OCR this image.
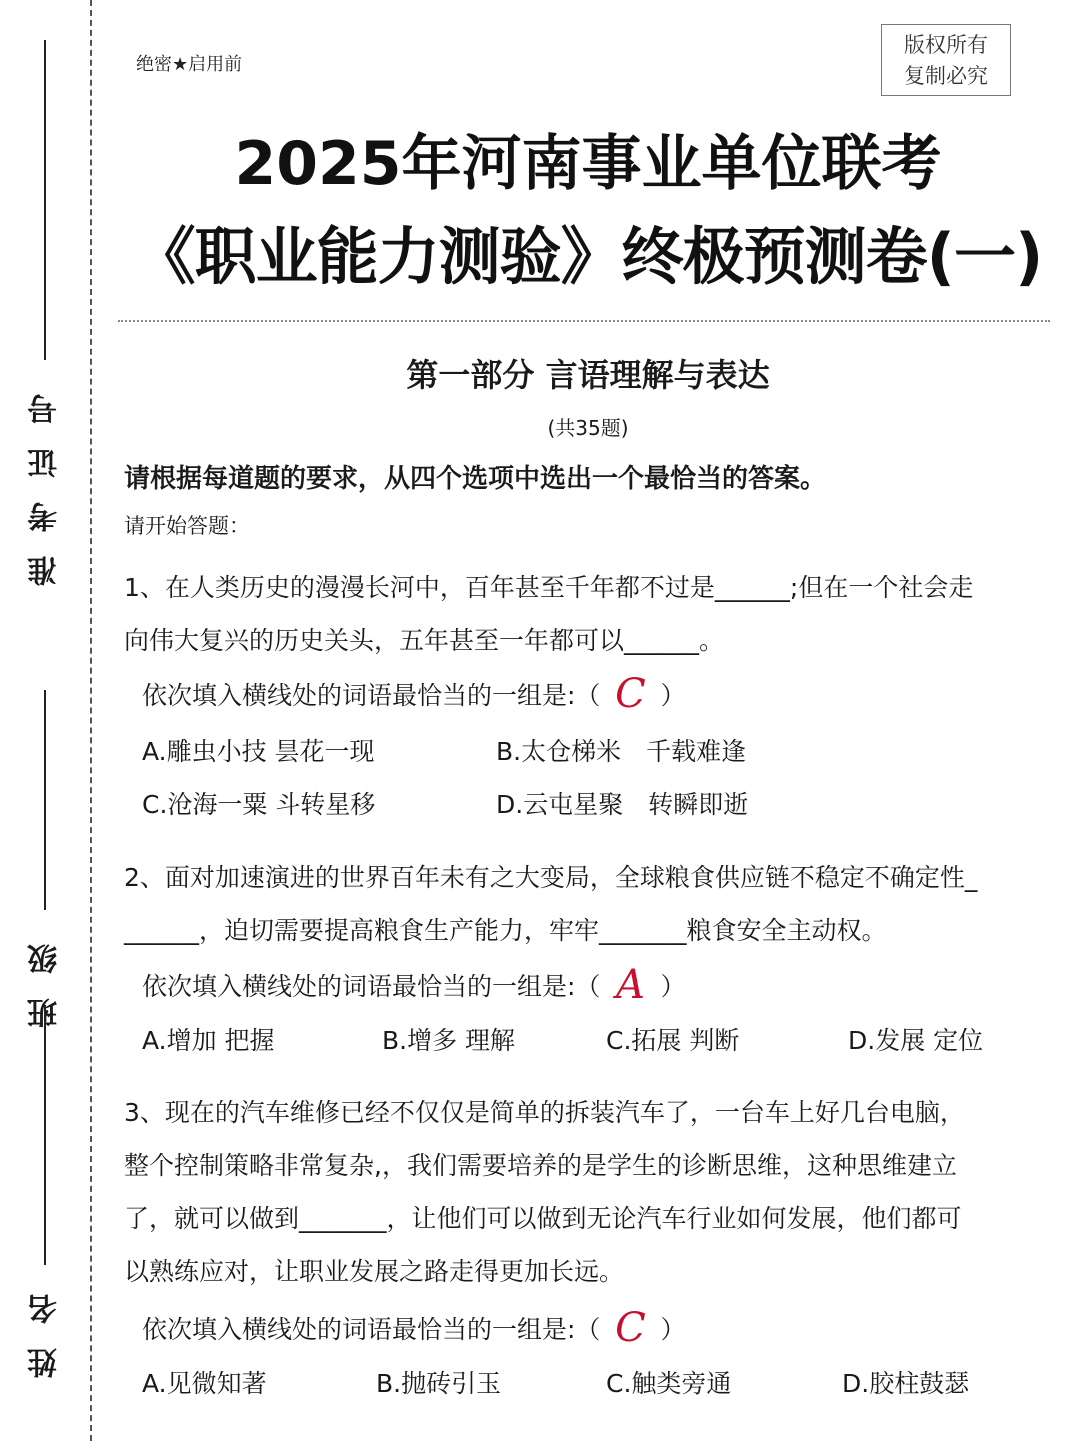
准考证号
班级
姓名
绝密★启用前
版权所有
复制必究
2025年河南事业单位联考
《职业能力测验》终极预测卷(一)
第一部分 言语理解与表达
(共35题)
请根据每道题的要求，从四个选项中选出一个最恰当的答案。
请开始答题：

1、在人类历史的漫漫长河中，百年甚至千年都不过是______;但在一个社会走

向伟大复兴的历史关头，五年甚至一年都可以______。

依次填入横线处的词语最恰当的一组是:（ C ）
A.雕虫小技 昙花一现	B.太仓梯米　千载难逢
C.沧海一粟 斗转星移	D.云屯星聚　转瞬即逝

2、面对加速演进的世界百年未有之大变局，全球粮食供应链不稳定不确定性_

______，迫切需要提高粮食生产能力，牢牢_______粮食安全主动权。

依次填入横线处的词语最恰当的一组是:（ A ）
A.增加 把握	B.增多 理解	C.拓展 判断	D.发展 定位

3、现在的汽车维修已经不仅仅是简单的拆装汽车了，一台车上好几台电脑，

整个控制策略非常复杂,，我们需要培养的是学生的诊断思维，这种思维建立

了，就可以做到_______，让他们可以做到无论汽车行业如何发展，他们都可

以熟练应对，让职业发展之路走得更加长远。

依次填入横线处的词语最恰当的一组是:（ C ）
A.见微知著	B.抛砖引玉	C.触类旁通	D.胶柱鼓瑟
